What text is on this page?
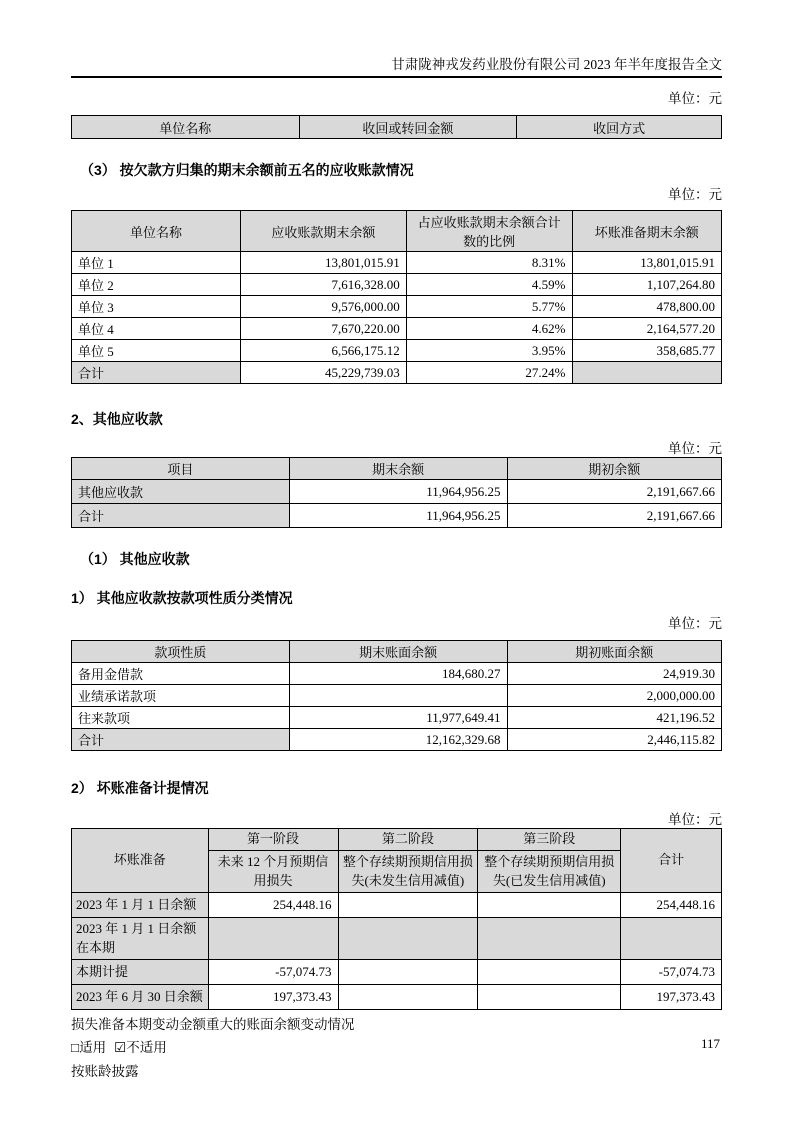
甘肃陇神戎发药业股份有限公司 2023 年半年度报告全文
单位：元
单位名称	收回或转回金额	收回方式
（3） 按欠款方归集的期末余额前五名的应收账款情况
单位：元
单位名称	应收账款期末余额	占应收账款期末余额合计数的比例	坏账准备期末余额
单位 1	13,801,015.91	8.31%	13,801,015.91
单位 2	7,616,328.00	4.59%	1,107,264.80
单位 3	9,576,000.00	5.77%	478,800.00
单位 4	7,670,220.00	4.62%	2,164,577.20
单位 5	6,566,175.12	3.95%	358,685.77
合计	45,229,739.03	27.24%	
2、其他应收款
单位：元
项目	期末余额	期初余额
其他应收款	11,964,956.25	2,191,667.66
合计	11,964,956.25	2,191,667.66
（1） 其他应收款
1） 其他应收款按款项性质分类情况
单位：元
款项性质	期末账面余额	期初账面余额
备用金借款	184,680.27	24,919.30
业绩承诺款项		2,000,000.00
往来款项	11,977,649.41	421,196.52
合计	12,162,329.68	2,446,115.82
2） 坏账准备计提情况
单位：元
坏账准备	第一阶段	第二阶段	第三阶段	合计
	未来 12 个月预期信用损失	整个存续期预期信用损失(未发生信用减值)	整个存续期预期信用损失(已发生信用减值)	
2023 年 1 月 1 日余额	254,448.16			254,448.16
2023 年 1 月 1 日余额在本期				
本期计提	-57,074.73			-57,074.73
2023 年 6 月 30 日余额	197,373.43			197,373.43
损失准备本期变动金额重大的账面余额变动情况
□适用 ☑不适用
按账龄披露
117
